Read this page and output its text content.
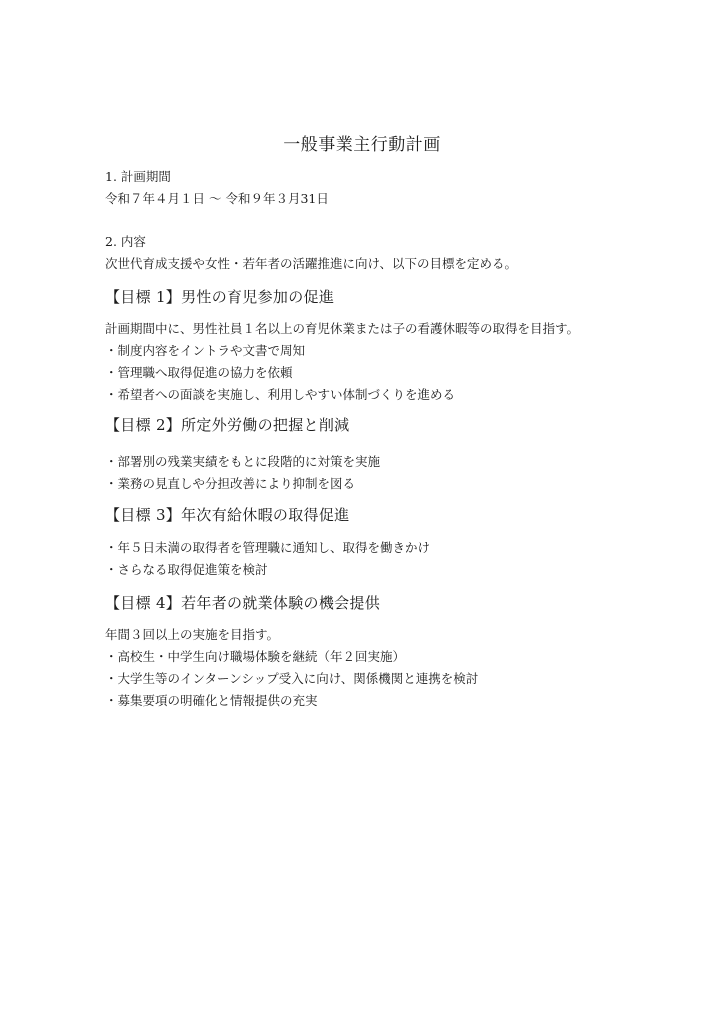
一般事業主行動計画
1. 計画期間
令和７年４月１日 〜 令和９年３月31日
2. 内容
次世代育成支援や女性・若年者の活躍推進に向け、以下の目標を定める。
【目標 1】男性の育児参加の促進
計画期間中に、男性社員１名以上の育児休業または子の看護休暇等の取得を目指す。
・制度内容をイントラや文書で周知
・管理職へ取得促進の協力を依頼
・希望者への面談を実施し、利用しやすい体制づくりを進める
【目標 2】所定外労働の把握と削減
・部署別の残業実績をもとに段階的に対策を実施
・業務の見直しや分担改善により抑制を図る
【目標 3】年次有給休暇の取得促進
・年５日未満の取得者を管理職に通知し、取得を働きかけ
・さらなる取得促進策を検討
【目標 4】若年者の就業体験の機会提供
年間３回以上の実施を目指す。
・高校生・中学生向け職場体験を継続（年２回実施）
・大学生等のインターンシップ受入に向け、関係機関と連携を検討
・募集要項の明確化と情報提供の充実
